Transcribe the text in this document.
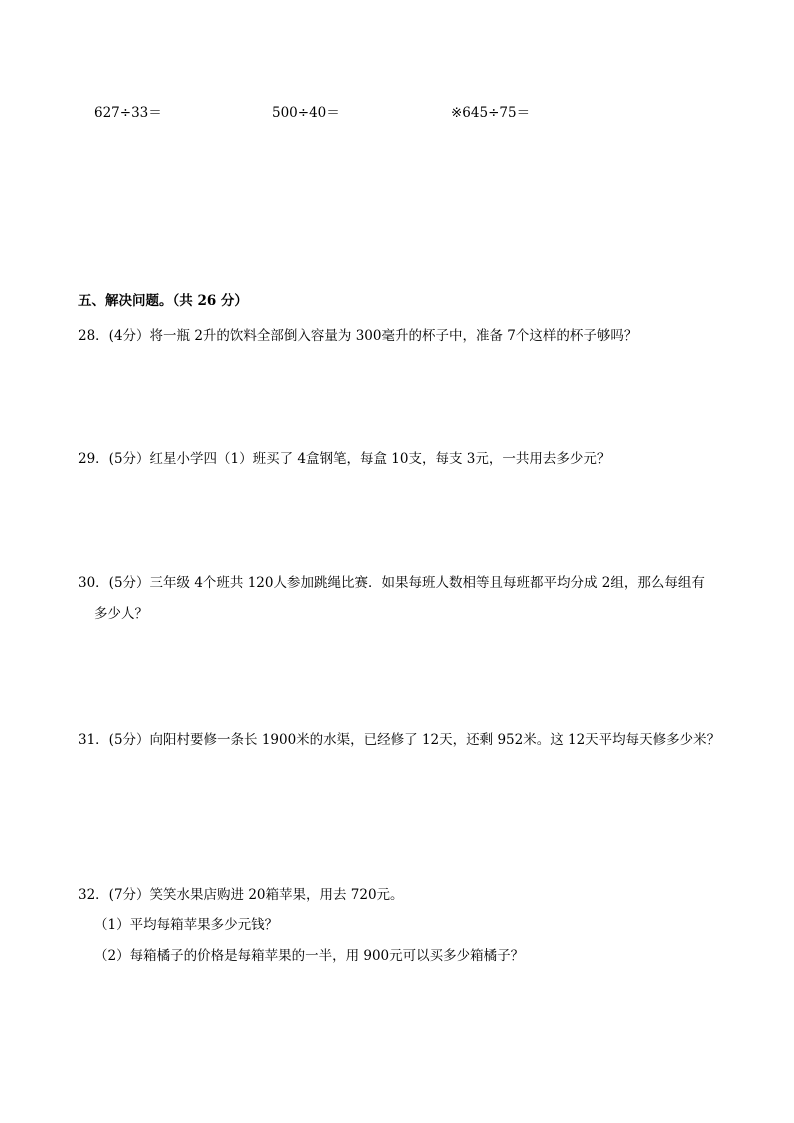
627÷33＝	500÷40＝	※645÷75＝
五、解决问题。（共 26 分）
28．(4分）将一瓶 2升的饮料全部倒入容量为 300毫升的杯子中，准备 7个这样的杯子够吗？
29．(5分）红星小学四（1）班买了 4盒钢笔，每盒 10支，每支 3元，一共用去多少元？
30．(5分）三年级 4个班共 120人参加跳绳比赛．如果每班人数相等且每班都平均分成 2组，那么每组有
多少人？
31．(5分）向阳村要修一条长 1900米的水渠，已经修了 12天，还剩 952米。这 12天平均每天修多少米？
32．(7分）笑笑水果店购进 20箱苹果，用去 720元。
（1）平均每箱苹果多少元钱？
（2）每箱橘子的价格是每箱苹果的一半，用 900元可以买多少箱橘子？
